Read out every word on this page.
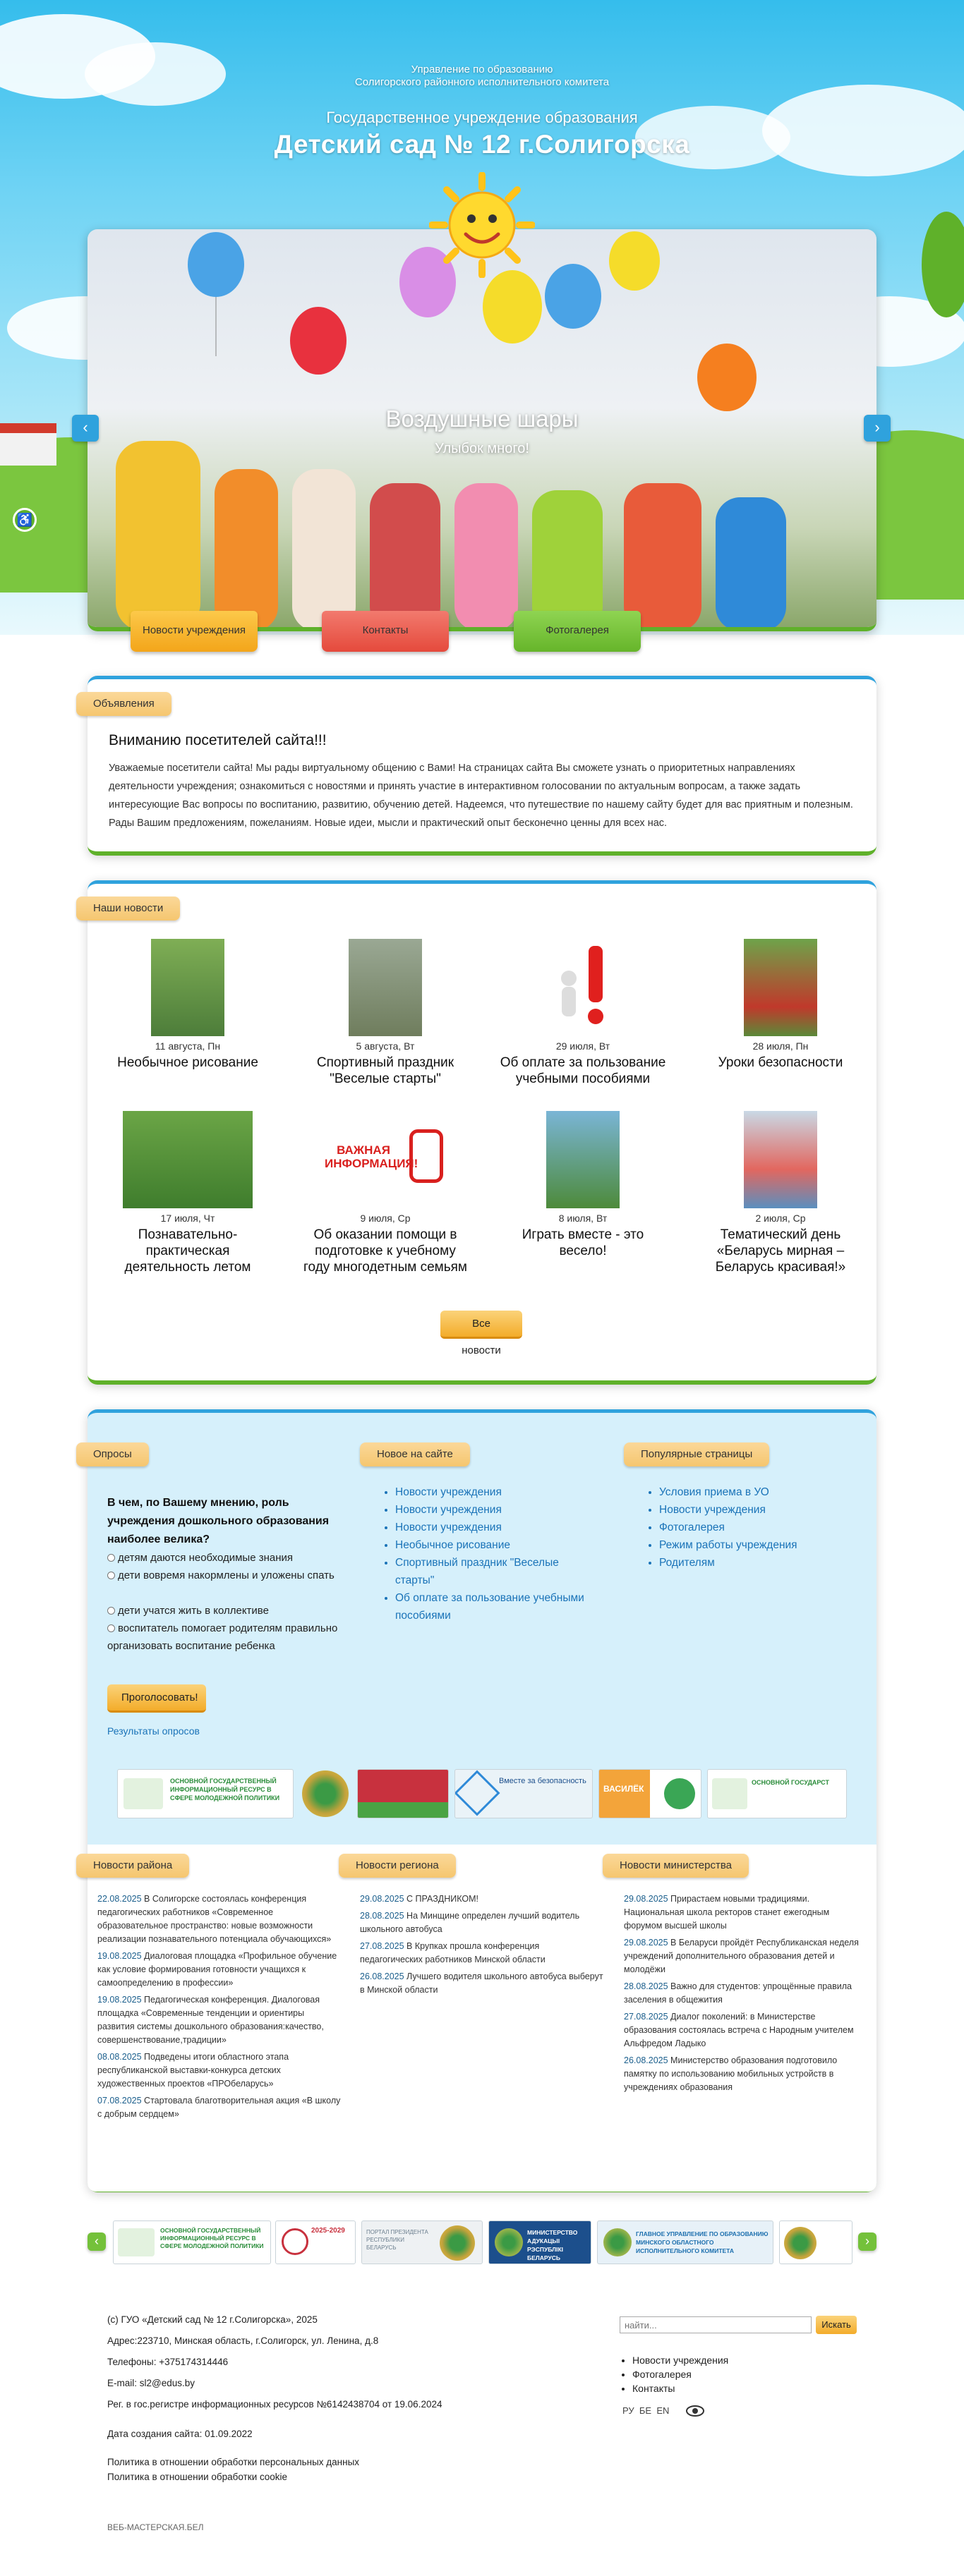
♿
Управление по образованию
Солигорского районного исполнительного комитета
Государственное учреждение образования
Детский сад № 12 г.Солигорска
Воздушные шары
Улыбок много!
‹	›
Новости учреждения	Контакты	Фотогалерея
Объявления
Вниманию посетителей сайта!!!
Уважаемые посетители сайта! Мы рады виртуальному общению с Вами! На страницах сайта Вы сможете узнать о приоритетных направлениях деятельности учреждения; ознакомиться с новостями и принять участие в интерактивном голосовании по актуальным вопросам, а также задать интересующие Вас вопросы по воспитанию, развитию, обучению детей. Надеемся, что путешествие по нашему сайту будет для вас приятным и полезным. Рады Вашим предложениям, пожеланиям. Новые идеи, мысли и практический опыт бесконечно ценны для всех нас.
Наши новости
11 августа, Пн
Необычное рисование
5 августа, Вт
Спортивный праздник "Веселые старты"
29 июля, Вт
Об оплате за пользование учебными пособиями
28 июля, Пн
Уроки безопасности
17 июля, Чт
Познавательно-практическая деятельность летом
ВАЖНАЯ ИНФОРМАЦИЯ!
9 июля, Ср
Об оказании помощи в подготовке к учебному году многодетным семьям
8 июля, Вт
Играть вместе - это весело!
2 июля, Ср
Тематический день «Беларусь мирная – Беларусь красивая!»
Все новости
Опросы
В чем, по Вашему мнению, роль учреждения дошкольного образования наиболее велика?
детям даются необходимые знания
дети вовремя накормлены и уложены спать
дети учатся жить в коллективе
воспитатель помогает родителям правильно организовать воспитание ребенка
Проголосовать!
Результаты опросов
Новое на сайте
• Новости учреждения
• Новости учреждения
• Новости учреждения
• Необычное рисование
• Спортивный праздник "Веселые старты"
• Об оплате за пользование учебными пособиями
Популярные страницы
• Условия приема в УО
• Новости учреждения
• Фотогалерея
• Режим работы учреждения
• Родителям
ОСНОВНОЙ ГОСУДАРСТВЕННЫЙ ИНФОРМАЦИОННЫЙ РЕСУРС В СФЕРЕ МОЛОДЕЖНОЙ ПОЛИТИКИ
Вместе за безопасность
ВАСИЛЁК
ОСНОВНОЙ ГОСУДАРСТ
Новости района

22.08.2025 В Солигорске состоялась конференция педагогических работников «Современное образовательное пространство: новые возможности реализации познавательного потенциала обучающихся»

19.08.2025 Диалоговая площадка «Профильное обучение как условие формирования готовности учащихся к самоопределению в профессии»

19.08.2025 Педагогическая конференция. Диалоговая площадка «Современные тенденции и ориентиры развития системы дошкольного образования:качество, совершенствование,традиции»

08.08.2025 Подведены итоги областного этапа республиканской выставки-конкурса детских художественных проектов «ПРОбеларусь»

07.08.2025 Стартовала благотворительная акция «В школу с добрым сердцем»

Новости региона

29.08.2025 С ПРАЗДНИКОМ!

28.08.2025 На Минщине определен лучший водитель школьного автобуса

27.08.2025 В Крупках прошла конференция педагогических работников Минской области

26.08.2025 Лучшего водителя школьного автобуса выберут в Минской области

Новости министерства

29.08.2025 Прирастаем новыми традициями. Национальная школа ректоров станет ежегодным форумом высшей школы

29.08.2025 В Беларуси пройдёт Республиканская неделя учреждений дополнительного образования детей и молодёжи

28.08.2025 Важно для студентов: упрощённые правила заселения в общежития

27.08.2025 Диалог поколений: в Министерстве образования состоялась встреча с Народным учителем Альфредом Ладыко

26.08.2025 Министерство образования подготовило памятку по использованию мобильных устройств в учреждениях образования

‹	›
ОСНОВНОЙ ГОСУДАРСТВЕННЫЙ ИНФОРМАЦИОННЫЙ РЕСУРС В СФЕРЕ МОЛОДЕЖНОЙ ПОЛИТИКИ
2025-2029	ПОРТАЛ ПРЕЗИДЕНТА РЕСПУБЛИКИ БЕЛАРУСЬ
МИНИСТЕРСТВО АДУКАЦЫІ РЭСПУБЛІКІ БЕЛАРУСЬ
ГЛАВНОЕ УПРАВЛЕНИЕ ПО ОБРАЗОВАНИЮ МИНСКОГО ОБЛАСТНОГО ИСПОЛНИТЕЛЬНОГО КОМИТЕТА
(с) ГУО «Детский сад № 12 г.Солигорска», 2025
Адрес:223710, Минская область, г.Солигорск, ул. Ленина, д.8
Телефоны: +375174314446
E-mail: sl2@edus.by
Рег. в гос.регистре информационных ресурсов №6142438704 от 19.06.2024
Дата создания сайта: 01.09.2022
Политика в отношении обработки персональных данных
Политика в отношении обработки cookie
ВЕБ-МАСТЕРСКАЯ.БЕЛ
найти...
Искать
• Новости учреждения
• Фотогалерея
• Контакты
РУ БЕ EN
